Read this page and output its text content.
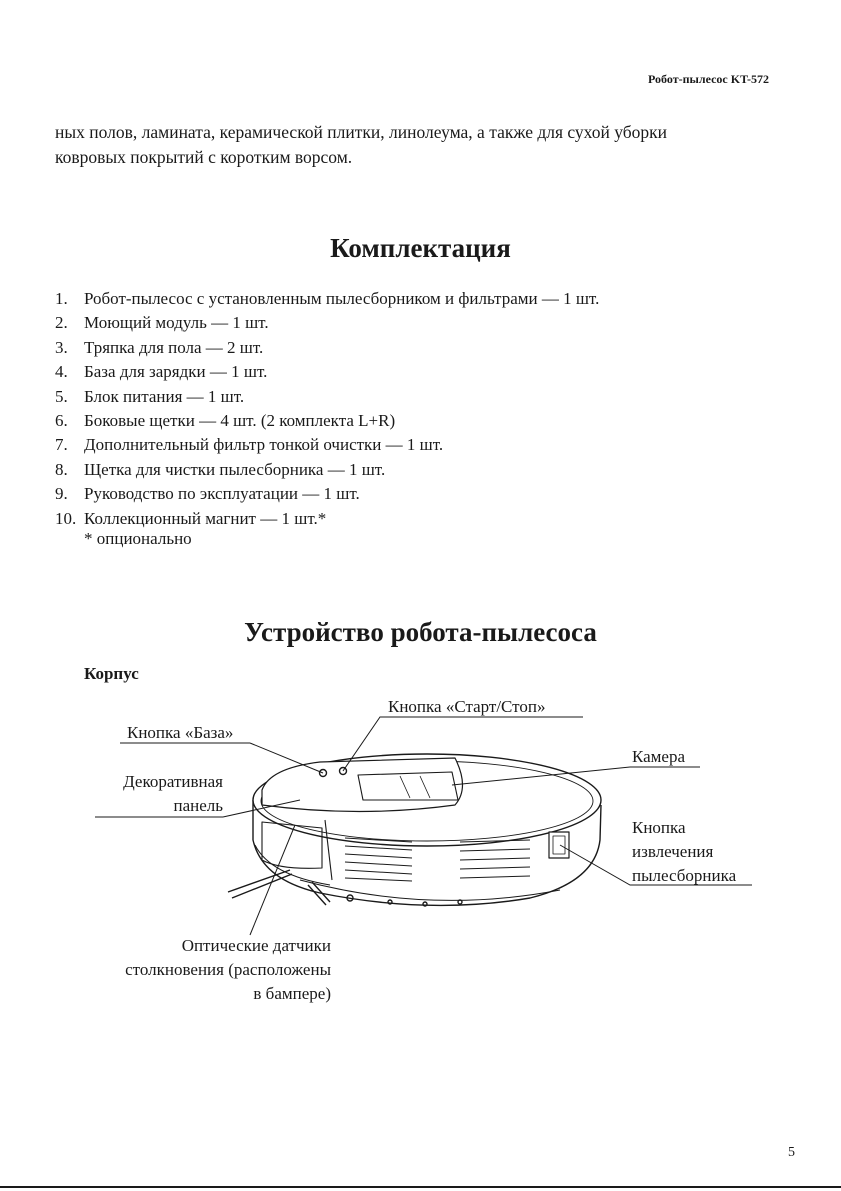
Робот-пылесос KT-572

ных полов, ламината, керамической плитки, линолеума, а также для сухой уборки

ковровых покрытий с коротким ворсом.

Комплектация
1. Робот-пылесос с установленным пылесборником и фильтрами — 1 шт.
2. Моющий модуль — 1 шт.
3. Тряпка для пола — 2 шт.
4. База для зарядки — 1 шт.
5. Блок питания — 1 шт.
6. Боковые щетки — 4 шт. (2 комплекта L+R)
7. Дополнительный фильтр тонкой очистки — 1 шт.
8. Щетка для чистки пылесборника — 1 шт.
9. Руководство по эксплуатации — 1 шт.
10. Коллекционный магнит — 1 шт.*
* опционально
Устройство робота-пылесоса
Корпус
Кнопка «Старт/Стоп»
Кнопка «База»
Камера
Декоративная
панель
Кнопка
извлечения
пылесборника
Оптические датчики
столкновения (расположены
в бампере)
5
